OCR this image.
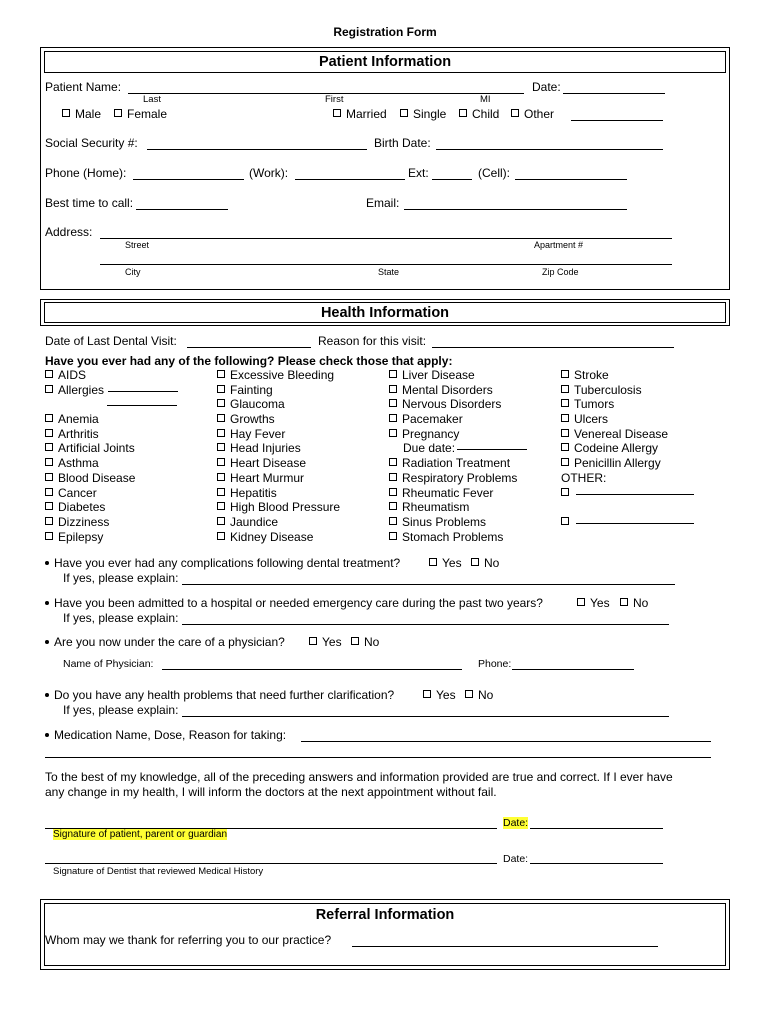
Registration Form
Patient Information
Patient Name:	Date:
Last	First	MI
Male	Female	Married	Single	Child	Other
Social Security #:	Birth Date:
Phone (Home):	(Work):	Ext:	(Cell):
Best time to call:	Email:
Address:
Street	Apartment #
City	State	Zip Code
Health Information
Date of Last Dental Visit:	Reason for this visit:
Have you ever had any of the following? Please check those that apply:
AIDS
Allergies
Anemia
Arthritis
Artificial Joints
Asthma
Blood Disease
Cancer
Diabetes
Dizziness
Epilepsy
Excessive Bleeding
Fainting
Glaucoma
Growths
Hay Fever
Head Injuries
Heart Disease
Heart Murmur
Hepatitis
High Blood Pressure
Jaundice
Kidney Disease
Liver Disease
Mental Disorders
Nervous Disorders
Pacemaker
Pregnancy
Due date:
Radiation Treatment
Respiratory Problems
Rheumatic Fever
Rheumatism
Sinus Problems
Stomach Problems
Stroke
Tuberculosis
Tumors
Ulcers
Venereal Disease
Codeine Allergy
Penicillin Allergy
OTHER:
Have you ever had any complications following dental treatment?	Yes	No
If yes, please explain:
Have you been admitted to a hospital or needed emergency care during the past two years?	Yes	No
If yes, please explain:
Are you now under the care of a physician?	Yes	No
Name of Physician:	Phone:
Do you have any health problems that need further clarification?	Yes	No
If yes, please explain:
Medication Name, Dose, Reason for taking:
To the best of my knowledge, all of the preceding answers and information provided are true and correct. If I ever have
any change in my health, I will inform the doctors at the next appointment without fail.
Date:
Signature of patient, parent or guardian
Date:
Signature of Dentist that reviewed Medical History
Referral Information
Whom may we thank for referring you to our practice?
